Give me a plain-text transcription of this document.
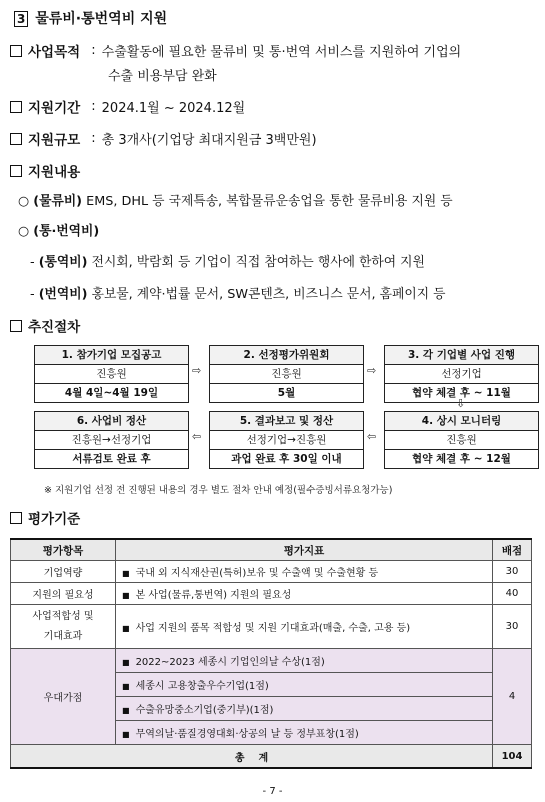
3 물류비·통번역비 지원
사업목적 : 수출활동에 필요한 물류비 및 통·번역 서비스를 지원하여 기업의
수출 비용부담 완화
지원기간 : 2024.1월 ~ 2024.12월
지원규모 : 총 3개사(기업당 최대지원금 3백만원)
지원내용
○ (물류비) EMS, DHL 등 국제특송, 복합물류운송업을 통한 물류비용 지원 등
○ (통·번역비)
- (통역비) 전시회, 박람회 등 기업이 직접 참여하는 행사에 한하여 지원
- (번역비) 홍보물, 계약·법률 문서, SW콘텐츠, 비즈니스 문서, 홈페이지 등
추진절차
1. 참가기업 모집공고
진흥원
4월 4일~4월 19일
⇨
2. 선정평가위원회
진흥원
5월
⇨
3. 각 기업별 사업 진행
선정기업
협약 체결 후 ~ 11월
⇩
6. 사업비 정산
진흥원→선정기업
서류검토 완료 후
⇦
5. 결과보고 및 정산
선정기업→진흥원
과업 완료 후 30일 이내
⇦
4. 상시 모니터링
진흥원
협약 체결 후 ~ 12월
※ 지원기업 선정 전 진행된 내용의 경우 별도 절차 안내 예정(필수증빙서류요청가능)
평가기준
평가항목	평가지표	배점
기업역량	■ 국내 외 지식재산권(특허)보유 및 수출액 및 수출현황 등	30
지원의 필요성	■ 본 사업(물류,통번역) 지원의 필요성	40

사업적합성 및
기대효과	■ 사업 지원의 품목 적합성 및 지원 기대효과(매출, 수출, 고용 등)	30
우대가점	■ 2022~2023 세종시 기업인의날 수상(1점)	4
	■ 세종시 고용창출우수기업(1점)	
	■ 수출유망중소기업(중기부)(1점)	
	■ 무역의날·품질경영대회·상공의 날 등 정부표창(1점)	
총    계		104
- 7 -
